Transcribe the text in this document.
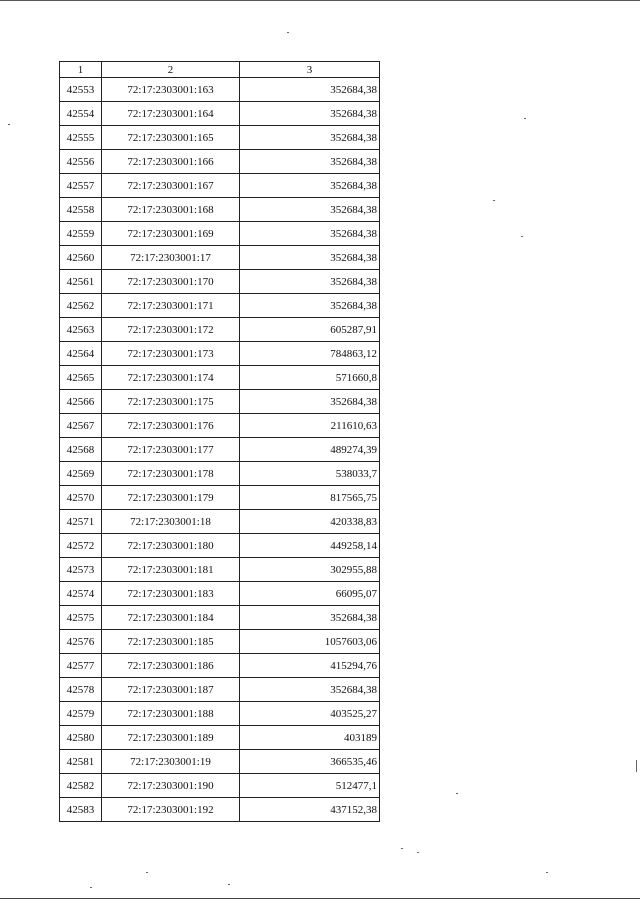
1	2	3
42553	72:17:2303001:163	352684,38
42554	72:17:2303001:164	352684,38
42555	72:17:2303001:165	352684,38
42556	72:17:2303001:166	352684,38
42557	72:17:2303001:167	352684,38
42558	72:17:2303001:168	352684,38
42559	72:17:2303001:169	352684,38
42560	72:17:2303001:17	352684,38
42561	72:17:2303001:170	352684,38
42562	72:17:2303001:171	352684,38
42563	72:17:2303001:172	605287,91
42564	72:17:2303001:173	784863,12
42565	72:17:2303001:174	571660,8
42566	72:17:2303001:175	352684,38
42567	72:17:2303001:176	211610,63
42568	72:17:2303001:177	489274,39
42569	72:17:2303001:178	538033,7
42570	72:17:2303001:179	817565,75
42571	72:17:2303001:18	420338,83
42572	72:17:2303001:180	449258,14
42573	72:17:2303001:181	302955,88
42574	72:17:2303001:183	66095,07
42575	72:17:2303001:184	352684,38
42576	72:17:2303001:185	1057603,06
42577	72:17:2303001:186	415294,76
42578	72:17:2303001:187	352684,38
42579	72:17:2303001:188	403525,27
42580	72:17:2303001:189	403189
42581	72:17:2303001:19	366535,46
42582	72:17:2303001:190	512477,1
42583	72:17:2303001:192	437152,38
